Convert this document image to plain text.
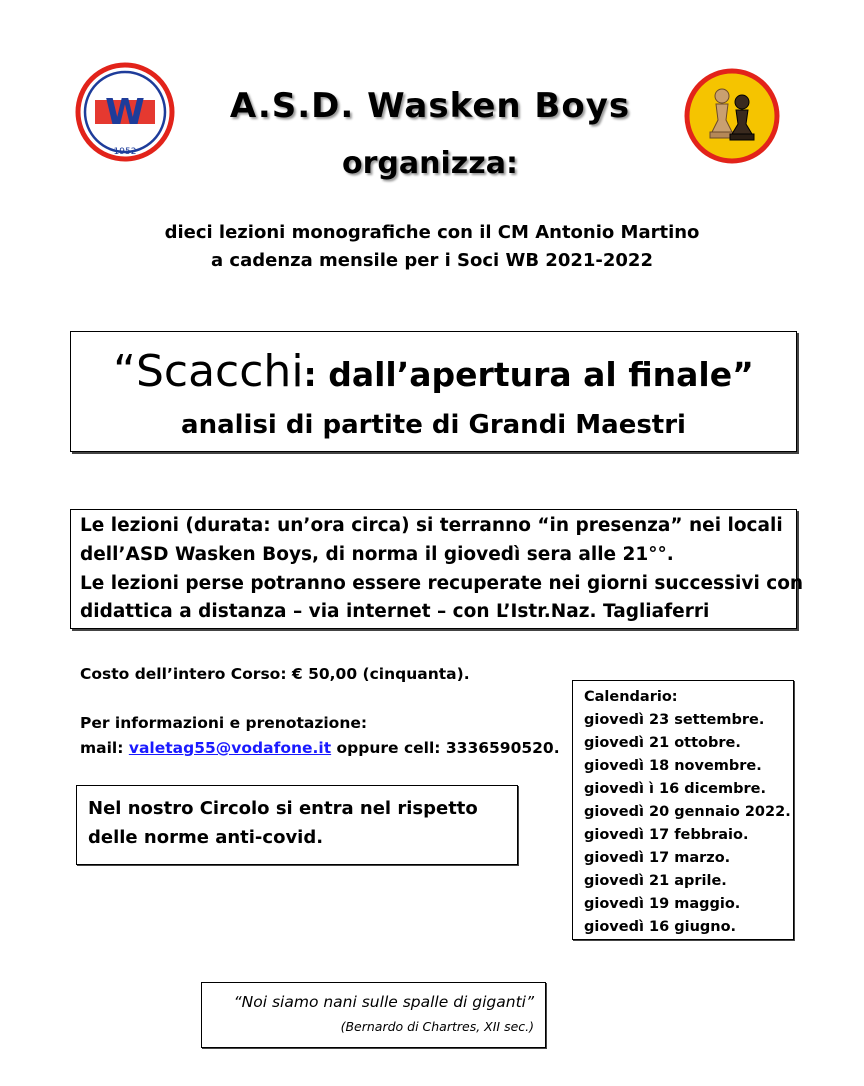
W
1952
A.S.D. Wasken Boys
organizza:
dieci lezioni monografiche con il CM Antonio Martino
a cadenza mensile per i Soci WB 2021-2022
“Scacchi: dall’apertura al finale”
analisi di partite di Grandi Maestri
Le lezioni (durata: un’ora circa) si terranno “in presenza” nei locali
dell’ASD Wasken Boys, di norma il giovedì sera alle 21°°.
Le lezioni perse potranno essere recuperate nei giorni successivi con
didattica a distanza – via internet – con L’Istr.Naz. Tagliaferri
Costo dell’intero Corso: € 50,00 (cinquanta).
Per informazioni e prenotazione:
mail: valetag55@vodafone.it oppure cell: 3336590520.
Nel nostro Circolo si entra nel rispetto
delle norme anti-covid.
Calendario:
giovedì 23 settembre.
giovedì 21 ottobre.
giovedì 18 novembre.
giovedì ì 16 dicembre.
giovedì 20 gennaio 2022.
giovedì 17 febbraio.
giovedì 17 marzo.
giovedì 21 aprile.
giovedì 19 maggio.
giovedì 16 giugno.
“Noi siamo nani sulle spalle di giganti”
(Bernardo di Chartres, XII sec.)
